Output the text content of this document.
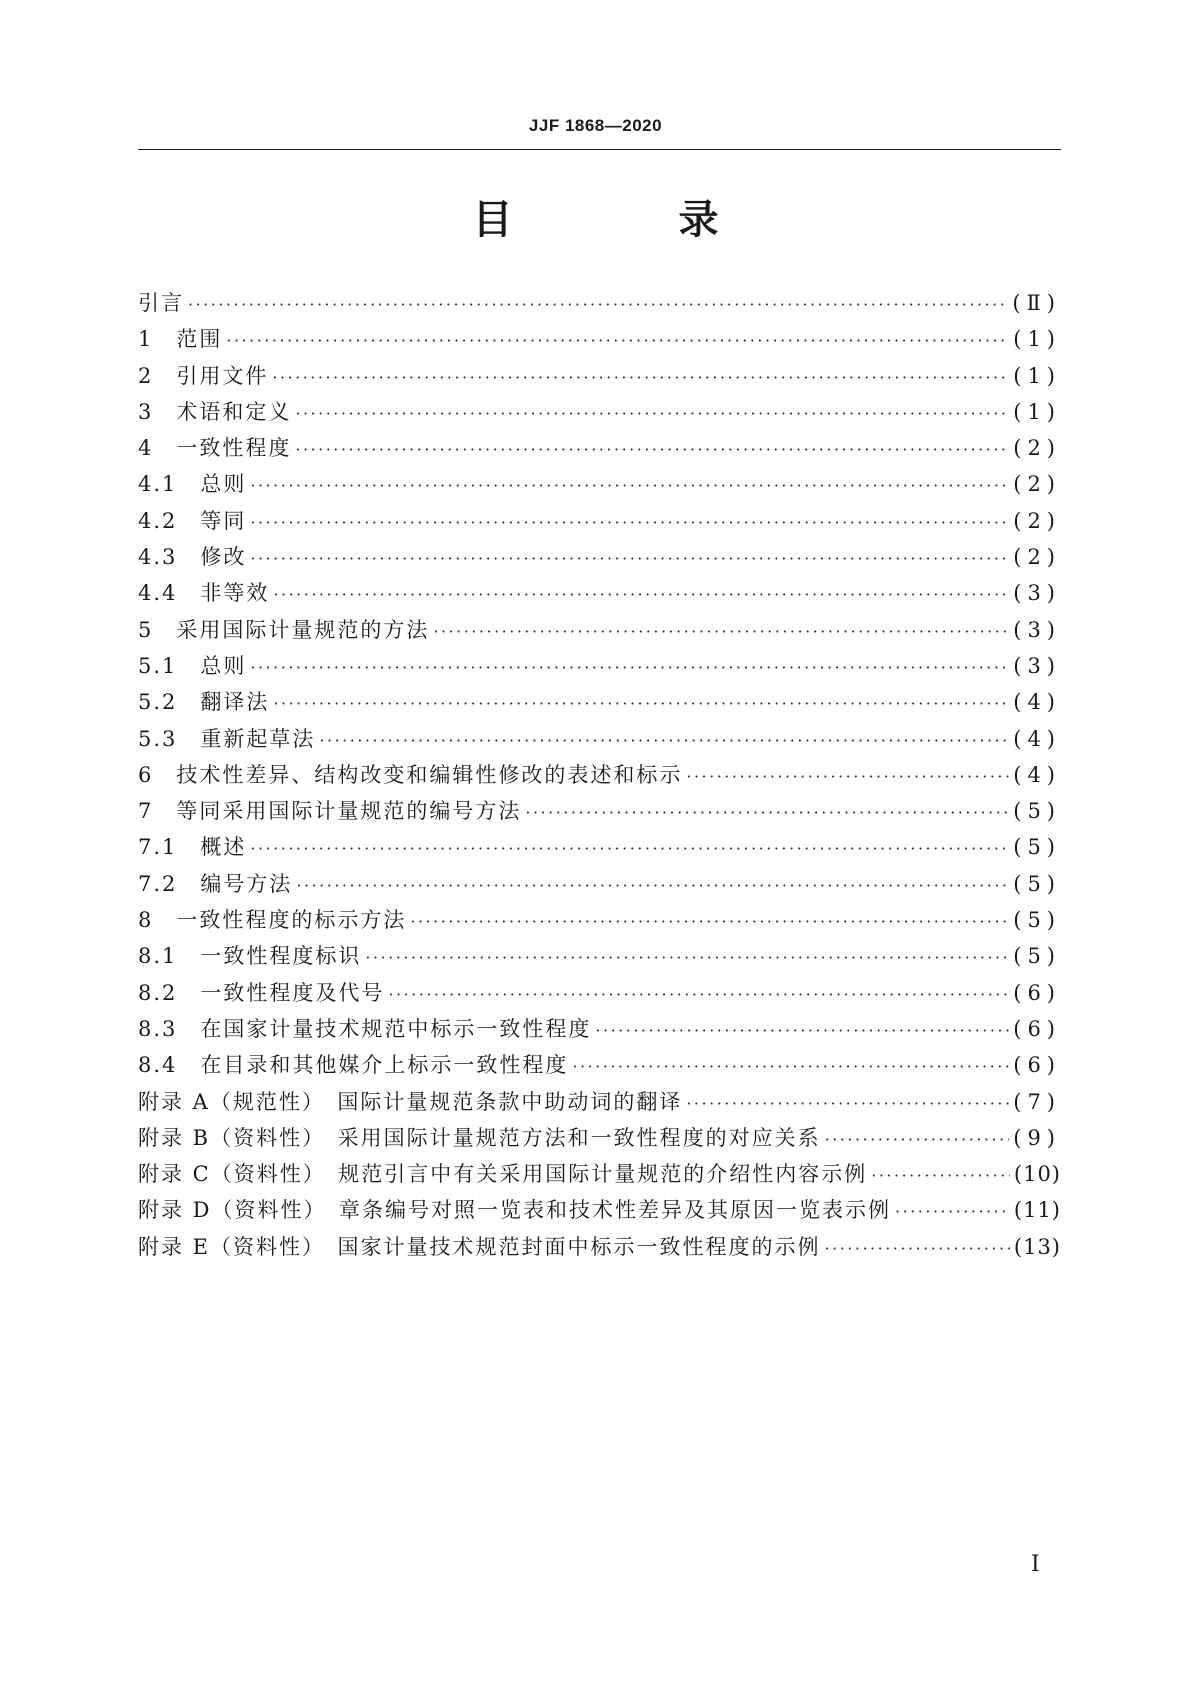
JJF 1868—2020
目 录
引言 ·····	(Ⅱ)
1　 范围 ·····	(1)
2　 引用文件 ·····	(1)
3　 术语和定义 ·····	(1)
4　 一致性程度 ·····	(2)
4.1　 总则 ·····	(2)
4.2　 等同 ·····	(2)
4.3　 修改 ·····	(2)
4.4　 非等效 ·····	(3)
5　 采用国际计量规范的方法 ·····	(3)
5.1　 总则 ·····	(3)
5.2　 翻译法 ·····	(4)
5.3　 重新起草法 ·····	(4)
6　 技术性差异、结构改变和编辑性修改的表述和标示 ·····	(4)
7　 等同采用国际计量规范的编号方法 ·····	(5)
7.1　 概述 ·····	(5)
7.2　 编号方法 ·····	(5)
8　 一致性程度的标示方法 ·····	(5)
8.1　 一致性程度标识 ·····	(5)
8.2　 一致性程度及代号 ·····	(6)
8.3　 在国家计量技术规范中标示一致性程度 ·····	(6)
8.4　 在目录和其他媒介上标示一致性程度 ·····	(6)
附录 A（规范性）　 国际计量规范条款中助动词的翻译 ·····	(7)
附录 B（资料性）　 采用国际计量规范方法和一致性程度的对应关系 ·····	(9)
附录 C（资料性）　 规范引言中有关采用国际计量规范的介绍性内容示例 ·····	(10)
附录 D（资料性）　 章条编号对照一览表和技术性差异及其原因一览表示例 ·····	(11)
附录 E（资料性）　 国家计量技术规范封面中标示一致性程度的示例 ·····	(13)
Ⅰ
